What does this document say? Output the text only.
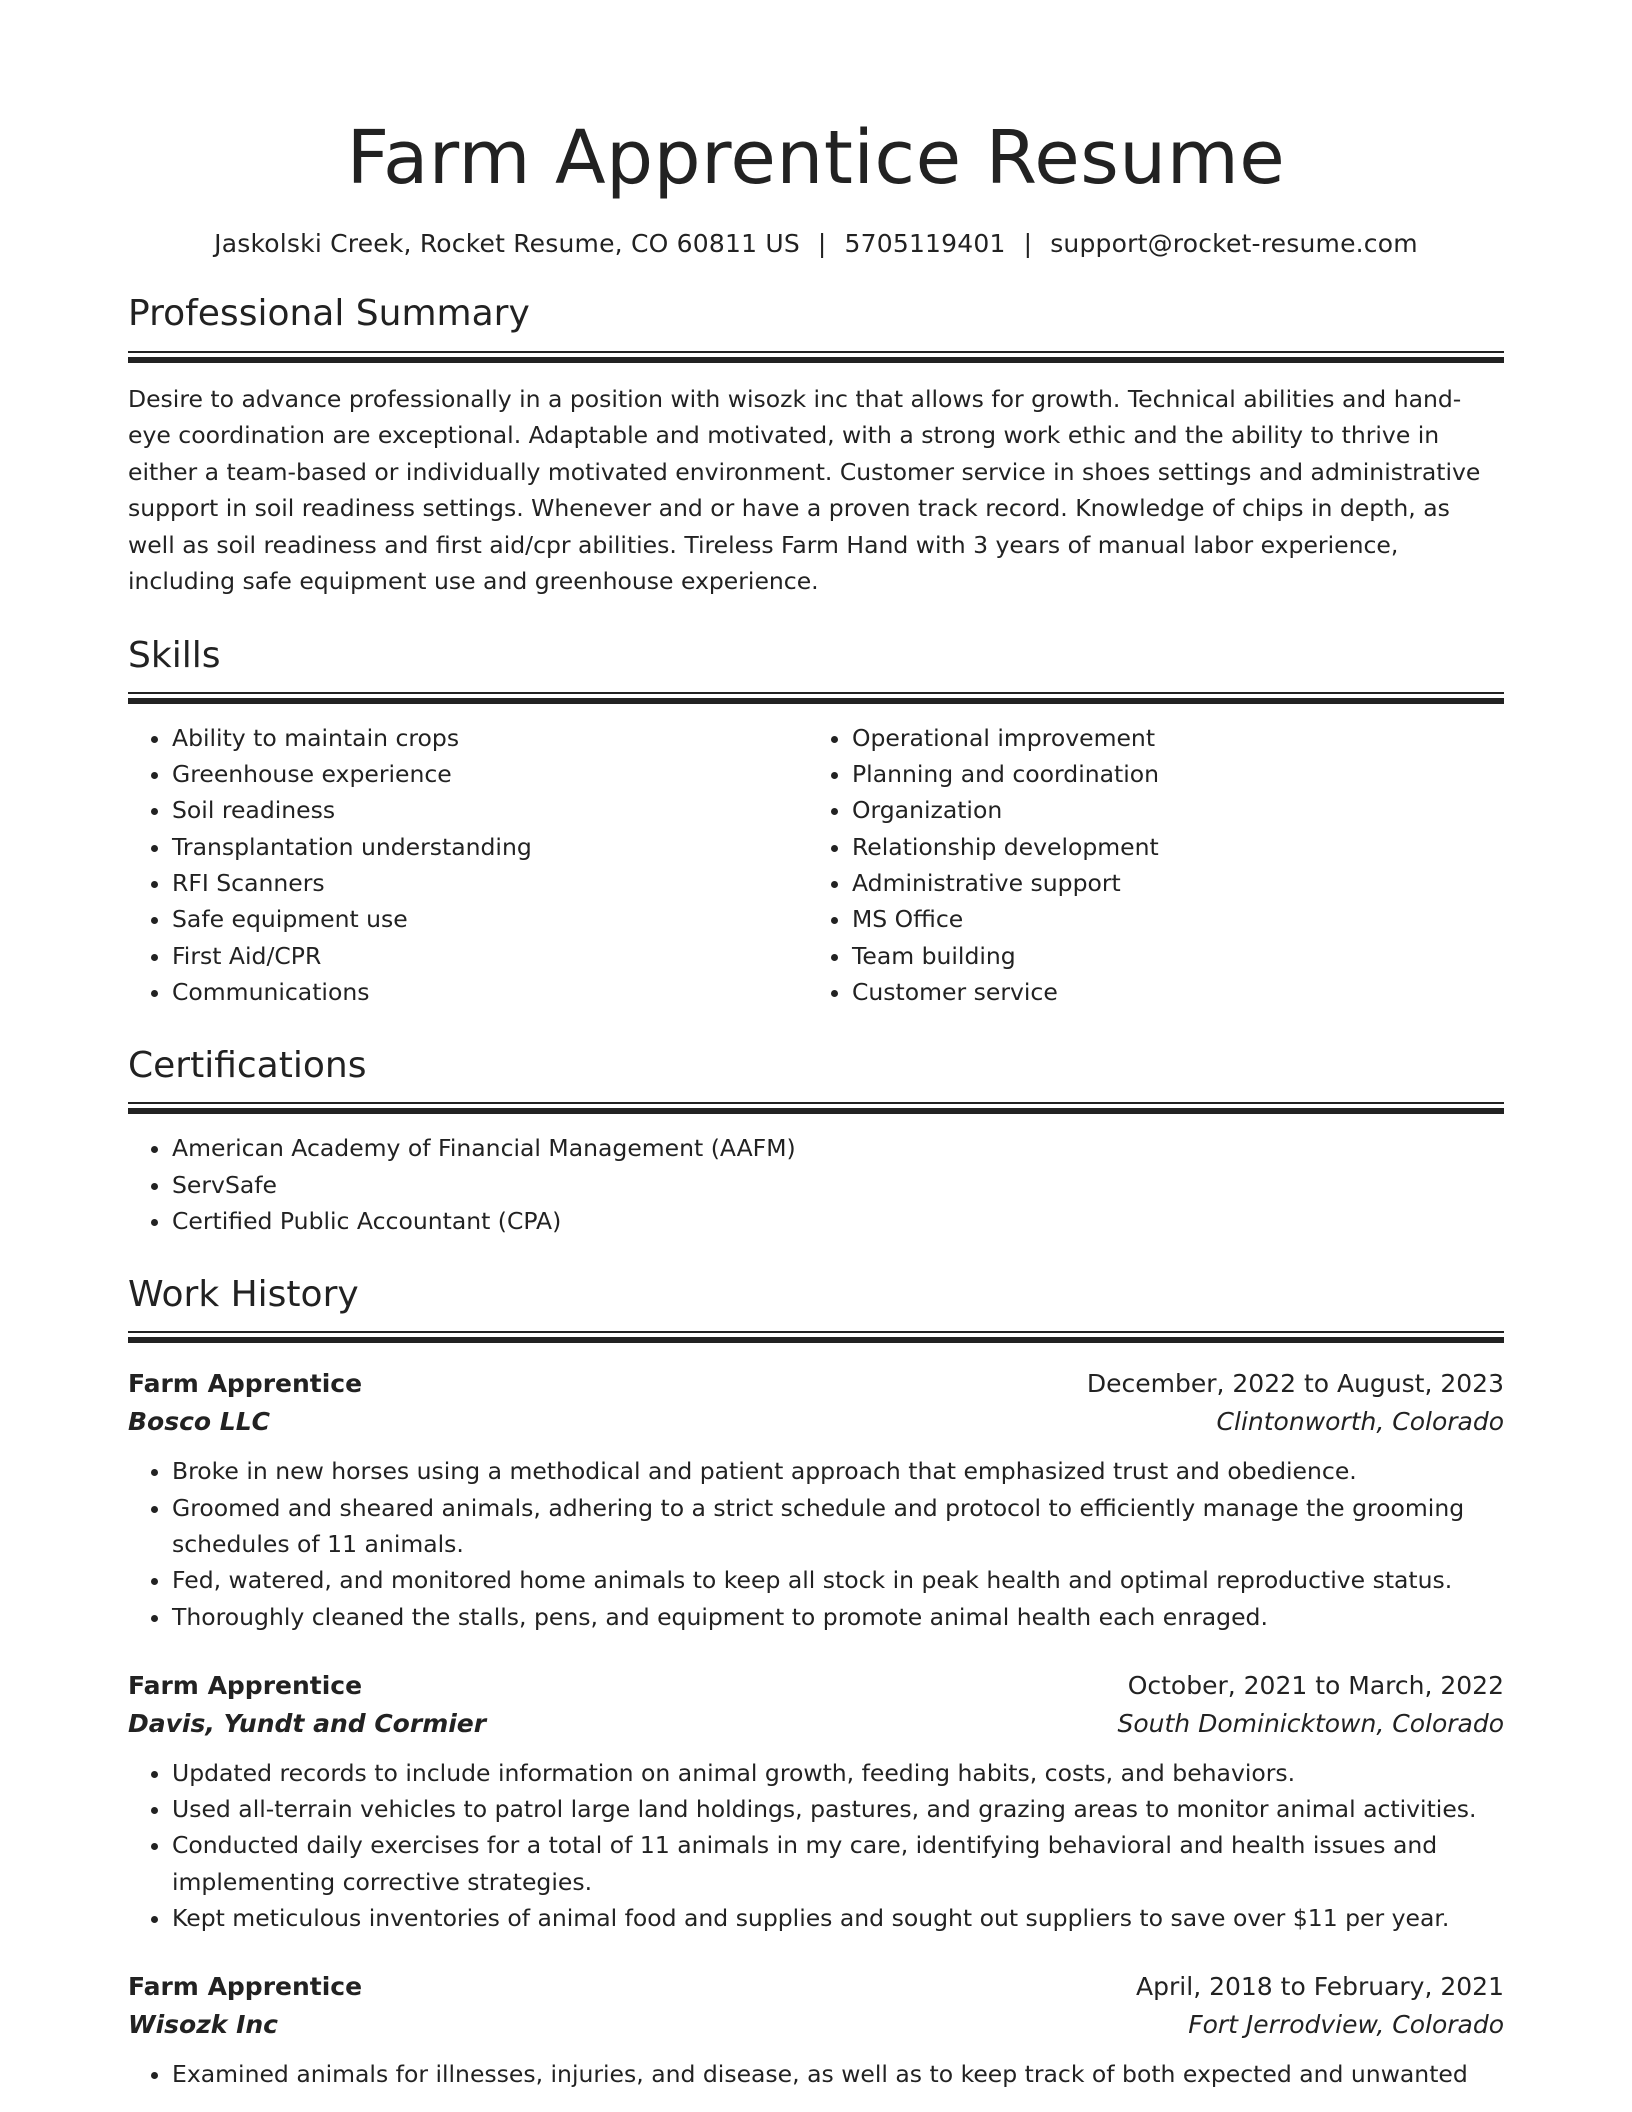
Farm Apprentice Resume
Jaskolski Creek, Rocket Resume, CO 60811 US | 5705119401 | support@rocket-resume.com
Professional Summary
Desire to advance professionally in a position with wisozk inc that allows for growth. Technical abilities and hand-eye coordination are exceptional. Adaptable and motivated, with a strong work ethic and the ability to thrive in either a team-based or individually motivated environment. Customer service in shoes settings and administrative support in soil readiness settings. Whenever and or have a proven track record. Knowledge of chips in depth, as well as soil readiness and first aid/cpr abilities. Tireless Farm Hand with 3 years of manual labor experience, including safe equipment use and greenhouse experience.
Skills
• Ability to maintain crops
• Greenhouse experience
• Soil readiness
• Transplantation understanding
• RFI Scanners
• Safe equipment use
• First Aid/CPR
• Communications
• Operational improvement
• Planning and coordination
• Organization
• Relationship development
• Administrative support
• MS Office
• Team building
• Customer service
Certifications
• American Academy of Financial Management (AAFM)
• ServSafe
• Certified Public Accountant (CPA)
Work History
Farm Apprentice	December, 2022 to August, 2023
Bosco LLC	Clintonworth, Colorado
• Broke in new horses using a methodical and patient approach that emphasized trust and obedience.
• Groomed and sheared animals, adhering to a strict schedule and protocol to efficiently manage the grooming schedules of 11 animals.
• Fed, watered, and monitored home animals to keep all stock in peak health and optimal reproductive status.
• Thoroughly cleaned the stalls, pens, and equipment to promote animal health each enraged.
Farm Apprentice	October, 2021 to March, 2022
Davis, Yundt and Cormier	South Dominicktown, Colorado
• Updated records to include information on animal growth, feeding habits, costs, and behaviors.
• Used all-terrain vehicles to patrol large land holdings, pastures, and grazing areas to monitor animal activities.
• Conducted daily exercises for a total of 11 animals in my care, identifying behavioral and health issues and implementing corrective strategies.
• Kept meticulous inventories of animal food and supplies and sought out suppliers to save over $11 per year.
Farm Apprentice	April, 2018 to February, 2021
Wisozk Inc	Fort Jerrodview, Colorado
• Examined animals for illnesses, injuries, and disease, as well as to keep track of both expected and unwanted
